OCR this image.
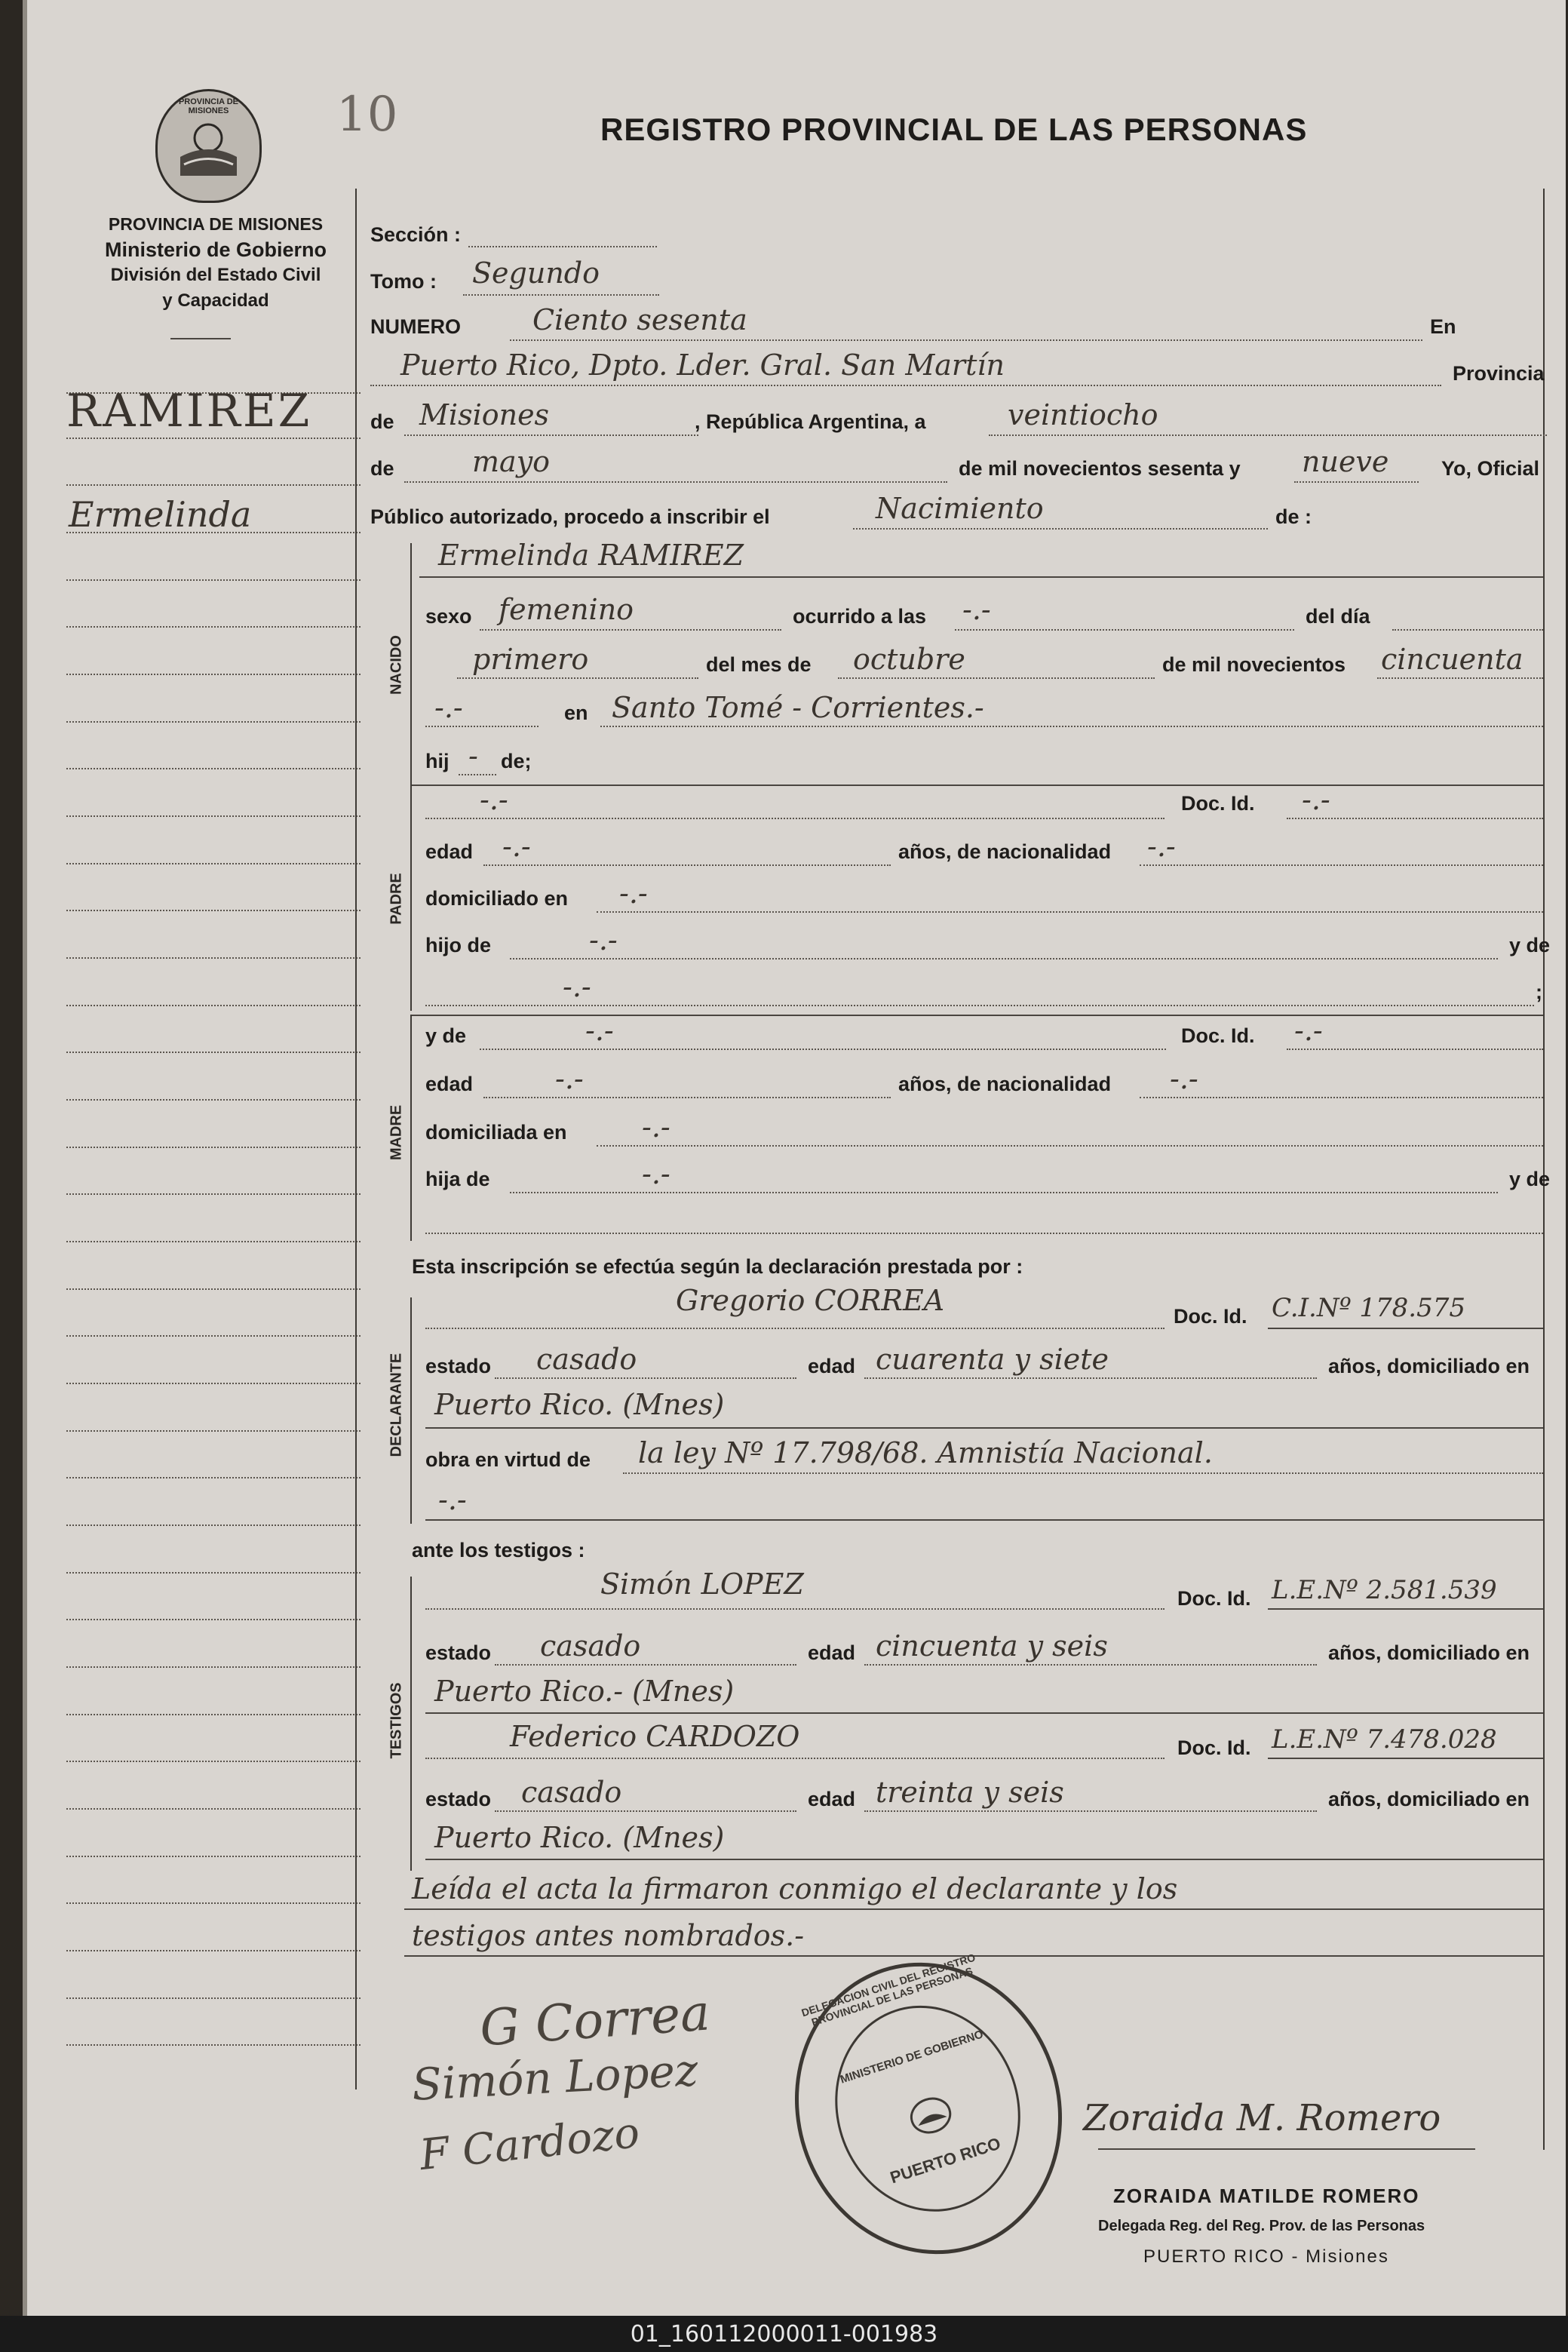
10
PROVINCIA DE MISIONES
REGISTRO PROVINCIAL DE LAS PERSONAS
PROVINCIA DE MISIONES
Ministerio de Gobierno
División del Estado Civil
y Capacidad
RAMIREZ
Ermelinda
Sección :
Tomo : Segundo
NUMERO	Ciento sesenta	En
Puerto Rico, Dpto. Lder. Gral. San Martín	Provincia
de Misiones	, República Argentina, a	veintiocho
de	mayo	de mil novecientos sesenta y nueve	Yo, Oficial
Público autorizado, procedo a inscribir el	Nacimiento	de :
NACIDO
Ermelinda RAMIREZ
sexo femenino	ocurrido a las -.-	del día
primero	del mes de octubre	de mil novecientos cincuenta
-.-	en Santo Tomé - Corrientes.-
hij - de;
PADRE
-.-	Doc. Id. -.-
edad -.-	años, de nacionalidad -.-
domiciliado en -.-
hijo de	-.-	y de
-.-	;
MADRE
y de	-.-	Doc. Id. -.-
edad	-.-	años, de nacionalidad -.-
domiciliada en	-.-
hija de	-.-	y de
Esta inscripción se efectúa según la declaración prestada por :
DECLARANTE
Gregorio CORREA	Doc. Id. C.I.Nº 178.575
estado casado	edad cuarenta y siete	años, domiciliado en
Puerto Rico. (Mnes)
obra en virtud de la ley Nº 17.798/68. Amnistía Nacional.
-.-
ante los testigos :
TESTIGOS
Simón LOPEZ	Doc. Id. L.E.Nº 2.581.539
estado casado	edad cincuenta y seis	años, domiciliado en
Puerto Rico.- (Mnes)
Federico CARDOZO	Doc. Id. L.E.Nº 7.478.028
estado casado	edad treinta y seis	años, domiciliado en
Puerto Rico. (Mnes)
Leída el acta la firmaron conmigo el declarante y los
testigos antes nombrados.-
G Correa
Simón Lopez
F Cardozo
DELEGACION CIVIL DEL REGISTRO PROVINCIAL DE LAS PERSONAS
MINISTERIO DE GOBIERNO
PUERTO RICO
Zoraida M. Romero
ZORAIDA MATILDE ROMERO
Delegada Reg. del Reg. Prov. de las Personas
PUERTO RICO - Misiones
01_160112000011-001983
